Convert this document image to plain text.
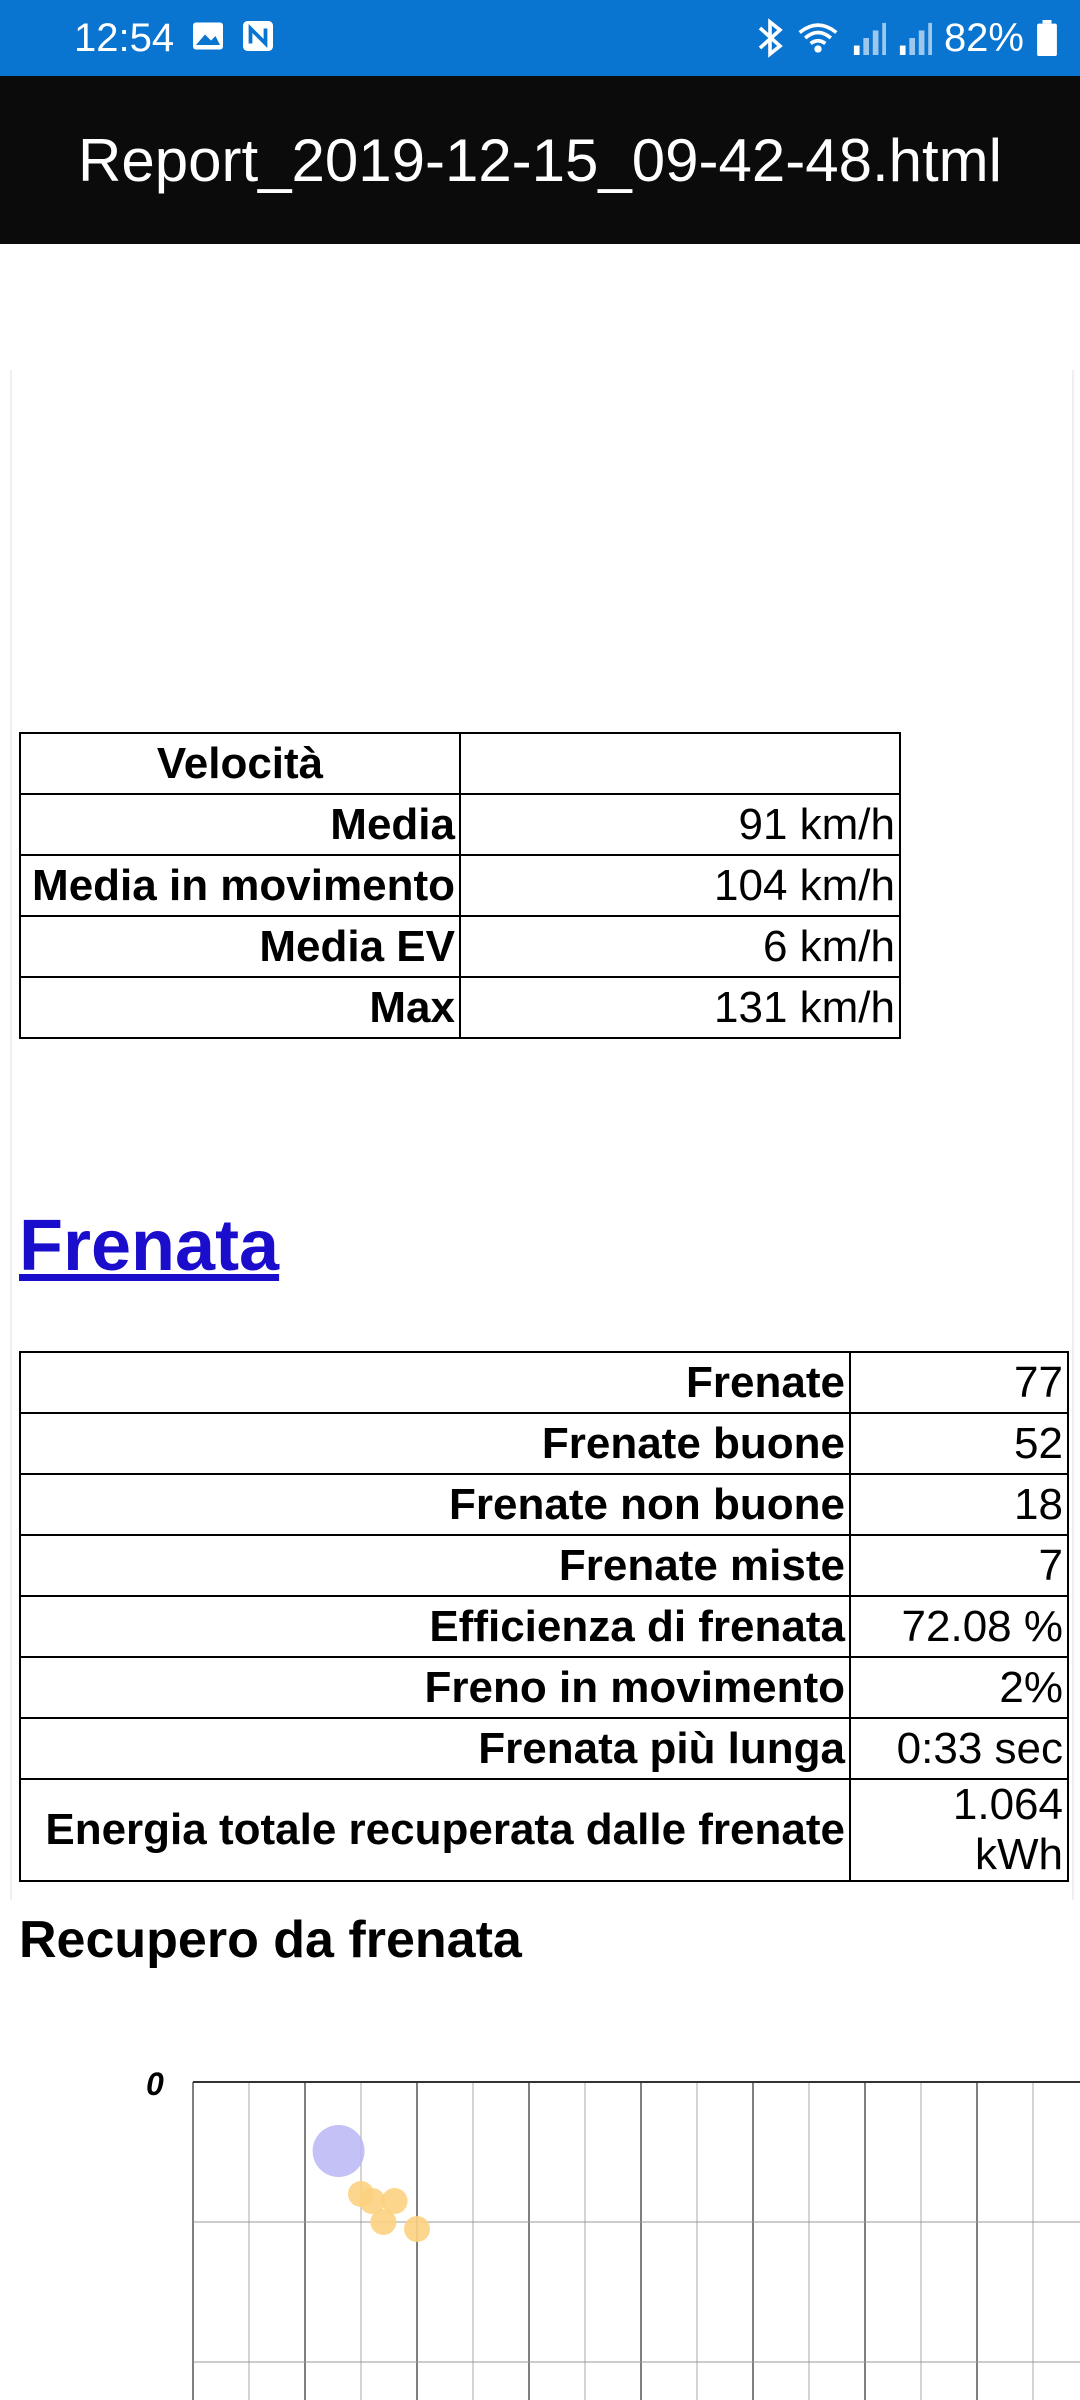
12:54	82%
Report_2019-12-15_09-42-48.html
Velocità	
Media	91 km/h
Media in movimento	104 km/h
Media EV	6 km/h
Max	131 km/h
Frenata
Frenate	77
Frenate buone	52
Frenate non buone	18
Frenate miste	7
Efficienza di frenata	72.08 %
Freno in movimento	2%
Frenata più lunga	0:33 sec
Energia totale recuperata dalle frenate	1.064 kWh
Recupero da frenata
0
